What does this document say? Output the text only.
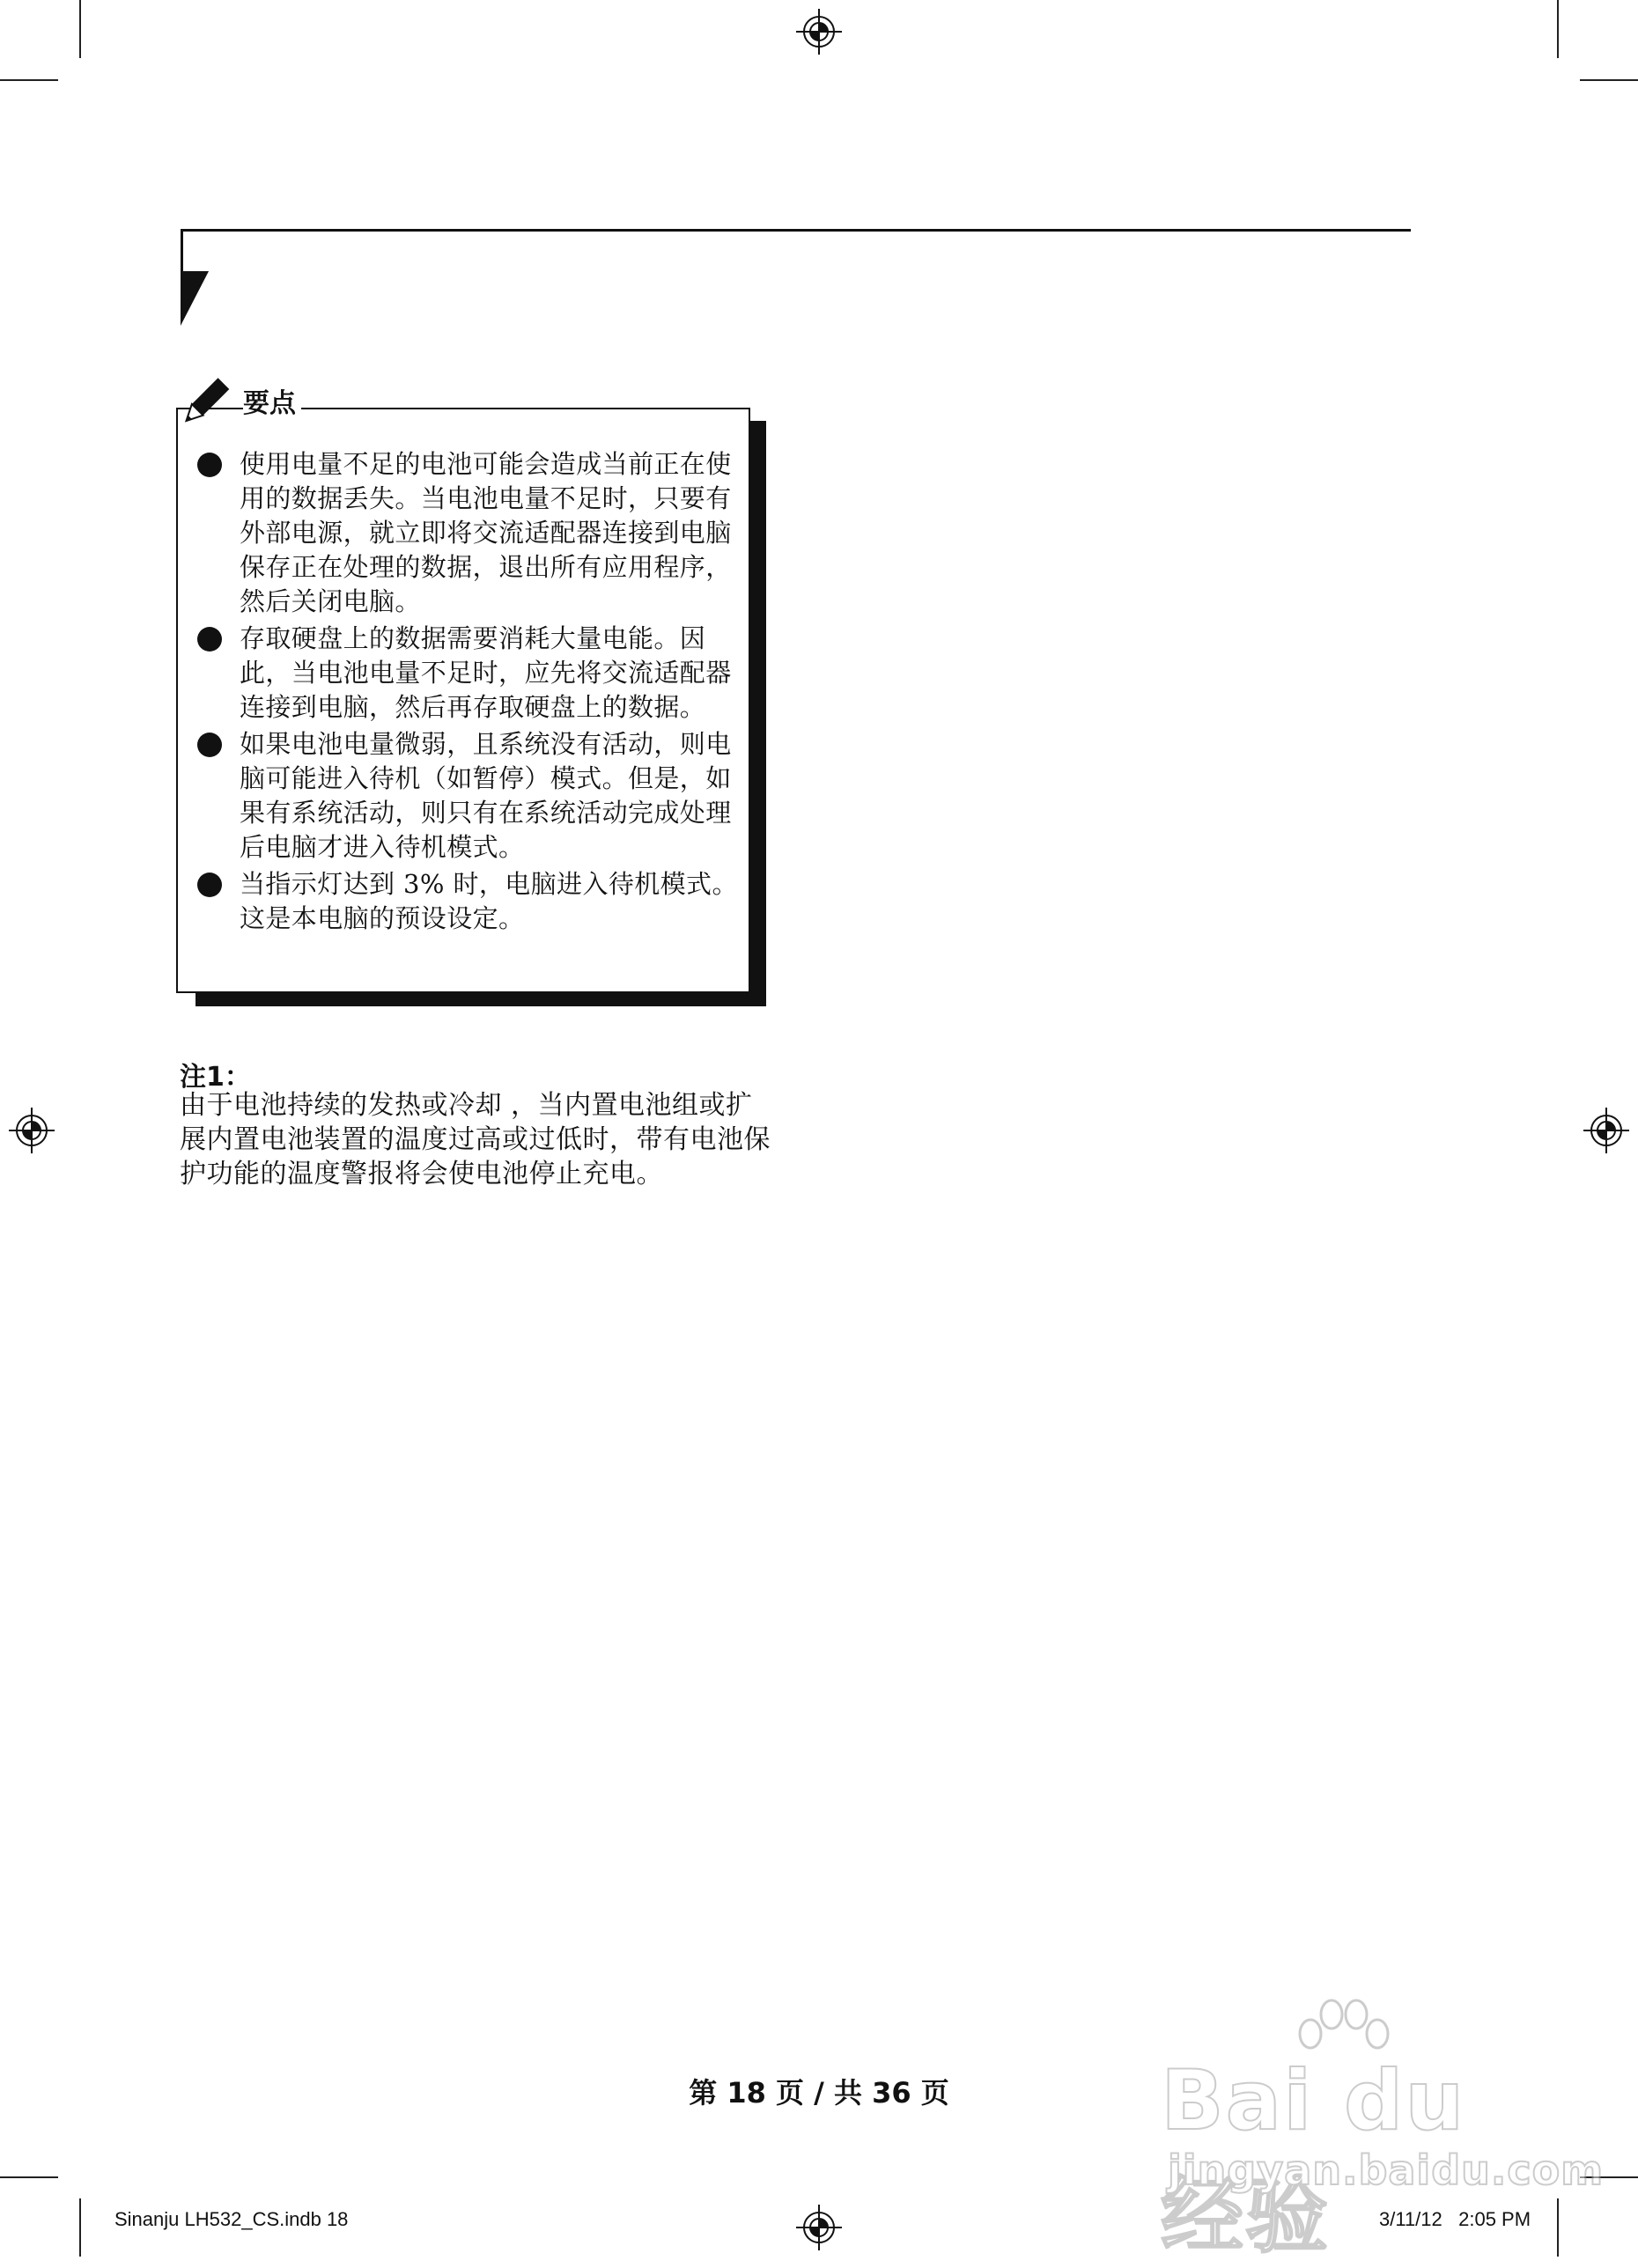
要点
使用电量不足的电池可能会造成当前正在使用的数据丢失。当电池电量不足时，只要有外部电源，就立即将交流适配器连接到电脑保存正在处理的数据，退出所有应用程序，然后关闭电脑。
存取硬盘上的数据需要消耗大量电能。因此，当电池电量不足时，应先将交流适配器连接到电脑，然后再存取硬盘上的数据。
如果电池电量微弱，且系统没有活动，则电脑可能进入待机（如暂停）模式。但是，如果有系统活动，则只有在系统活动完成处理后电脑才进入待机模式。
当指示灯达到 3% 时，电脑进入待机模式。这是本电脑的预设设定。
注1：
由于电池持续的发热或冷却 ，当内置电池组或扩展内置电池装置的温度过高或过低时，带有电池保护功能的温度警报将会使电池停止充电。
第 18 页 / 共 36 页
Sinanju LH532_CS.indb 18	3/11/12   2:05 PM
Bai du 经验
jingyan.baidu.com
